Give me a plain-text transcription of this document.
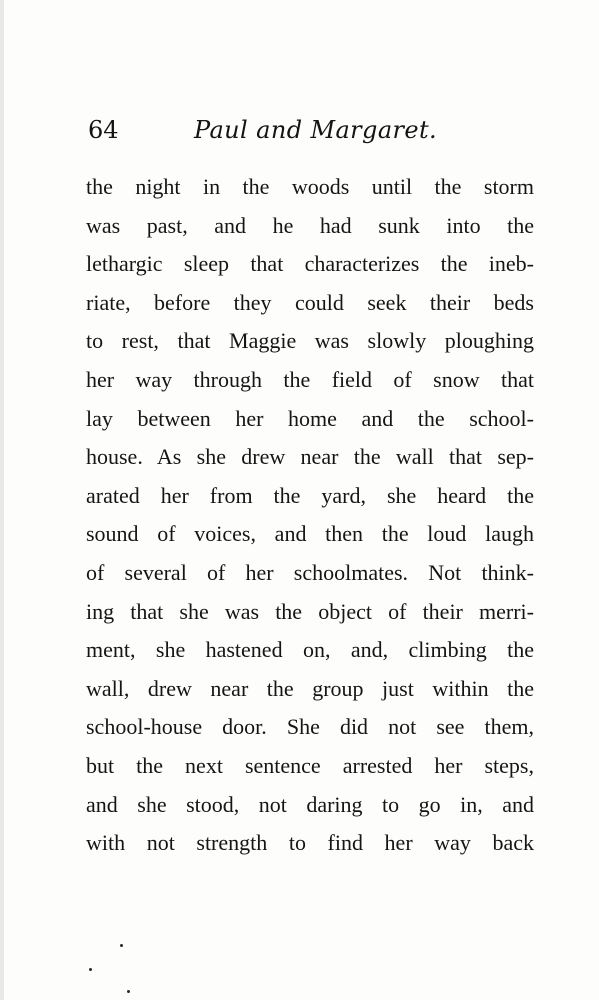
64	Paul and Margaret.
the night in the woods until the storm
was past, and he had sunk into the
lethargic sleep that characterizes the ineb-
riate, before they could seek their beds
to rest, that Maggie was slowly ploughing
her way through the field of snow that
lay between her home and the school-
house. As she drew near the wall that sep-
arated her from the yard, she heard the
sound of voices, and then the loud laugh
of several of her schoolmates. Not think-
ing that she was the object of their merri-
ment, she hastened on, and, climbing the
wall, drew near the group just within the
school-house door. She did not see them,
but the next sentence arrested her steps,
and she stood, not daring to go in, and
with not strength to find her way back
